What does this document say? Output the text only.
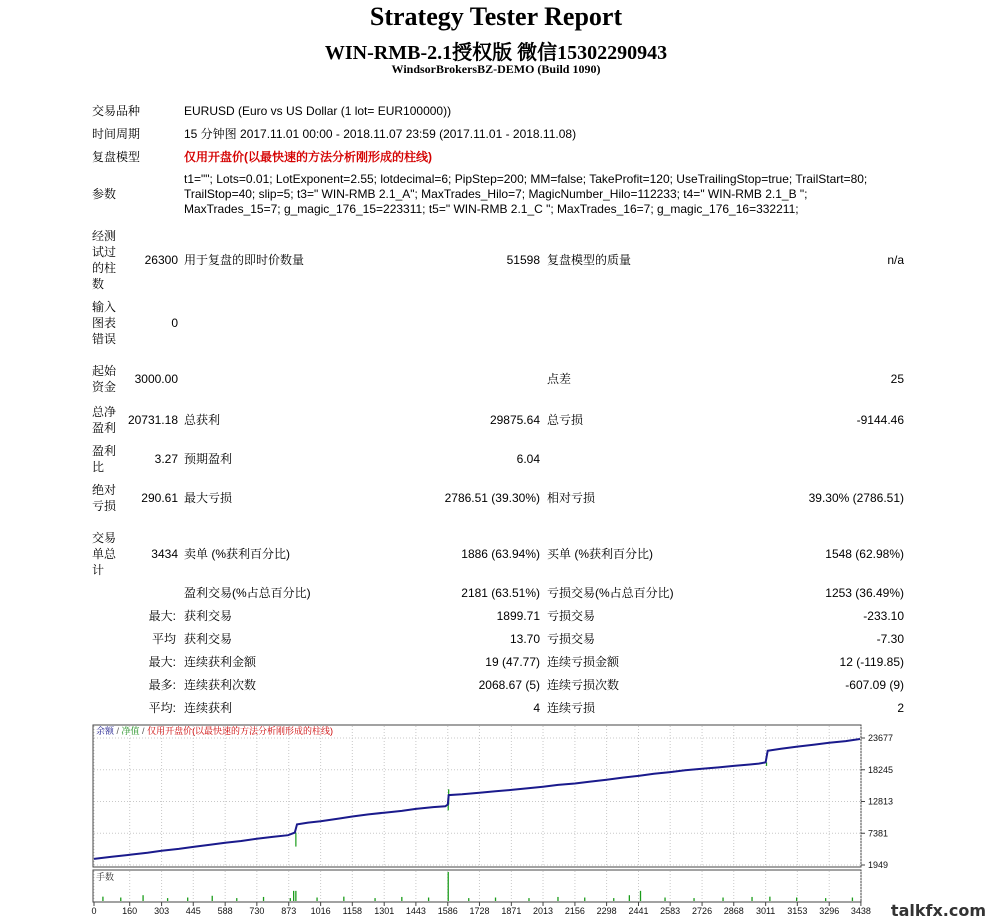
Strategy Tester Report
WIN-RMB-2.1授权版 微信15302290943
WindsorBrokersBZ-DEMO (Build 1090)
交易品种	EURUSD (Euro vs US Dollar (1 lot= EUR100000))
时间周期	15 分钟图 2017.11.01 00:00 - 2018.11.07 23:59 (2017.11.01 - 2018.11.08)
复盘模型	仅用开盘价(以最快速的方法分析刚形成的柱线)
参数
t1=""; Lots=0.01; LotExponent=2.55; lotdecimal=6; PipStep=200; MM=false; TakeProfit=120; UseTrailingStop=true; TrailStart=80;
TrailStop=40; slip=5; t3=" WIN-RMB 2.1_A"; MaxTrades_Hilo=7; MagicNumber_Hilo=112233; t4=" WIN-RMB 2.1_B ";
MaxTrades_15=7; g_magic_176_15=223311; t5=" WIN-RMB 2.1_C "; MaxTrades_16=7; g_magic_176_16=332211;
经测
试过
的柱
数
26300 用于复盘的即时价数量	51598 复盘模型的质量	n/a
输入
图表
错误
0
起始
资金
3000.00	点差	25
总净
盈利
20731.18 总获利	29875.64 总亏损	-9144.46
盈利
比
3.27 预期盈利	6.04
绝对
亏损
290.61 最大亏损	2786.51 (39.30%) 相对亏损	39.30% (2786.51)
交易
单总
计
3434 卖单 (%获利百分比)	1886 (63.94%) 买单 (%获利百分比)	1548 (62.98%)
盈利交易(%占总百分比)	2181 (63.51%) 亏损交易(%占总百分比)	1253 (36.49%)
最大: 获利交易	1899.71 亏损交易	-233.10
平均 获利交易	13.70 亏损交易	-7.30
最大: 连续获利金额	19 (47.77) 连续亏损金额	12 (-119.85)
最多: 连续获利次数	2068.67 (5) 连续亏损次数	-607.09 (9)
平均: 连续获利	4 连续亏损	2
余额 / 净值 / 仅用开盘价(以最快速的方法分析刚形成的柱线)
手数
23677
18245
12813
7381
1949
0	160 303 445 588 730 873 1016 1158 1301 1443 1586 1728 1871 2013 2156 2298 2441 2583 2726 2868 3011 3153 3296 3438 talkfx.com
